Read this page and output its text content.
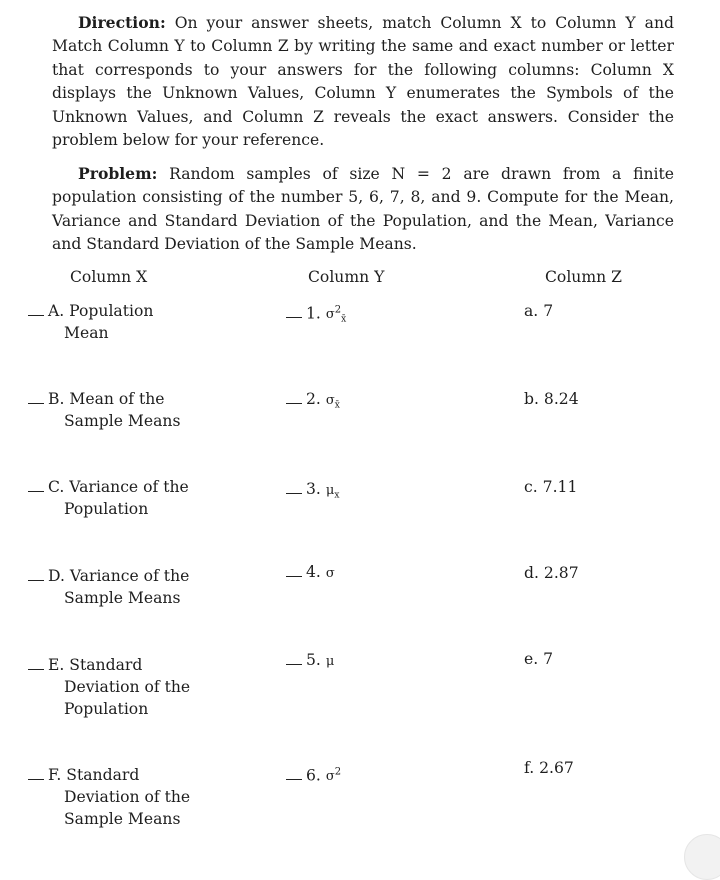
Direction: On your answer sheets, match Column X to Column Y and Match Column Y to Column Z by writing the same and exact number or letter that corresponds to your answers for the following columns: Column X displays the Unknown Values, Column Y enumerates the Symbols of the Unknown Values, and Column Z reveals the exact answers. Consider the problem below for your reference.

Problem: Random samples of size N = 2 are drawn from a finite population consisting of the number 5, 6, 7, 8, and 9. Compute for the Mean, Variance and Standard Deviation of the Population, and the Mean, Variance and Standard Deviation of the Sample Means.

Column X	Column Y	Column Z
A. Population
Mean
B. Mean of the
Sample Means
C. Variance of the
Population
D. Variance of the
Sample Means
E. Standard
Deviation of the
Population
F. Standard
Deviation of the
Sample Means
1. $\sigma^2_{x̄}$
2. $\sigma_{x̄}$
3. $\mu_x$
4. σ
5. μ
6. $\sigma^2$
a. 7
b. 8.24
c. 7.11
d. 2.87
e. 7
f. 2.67
